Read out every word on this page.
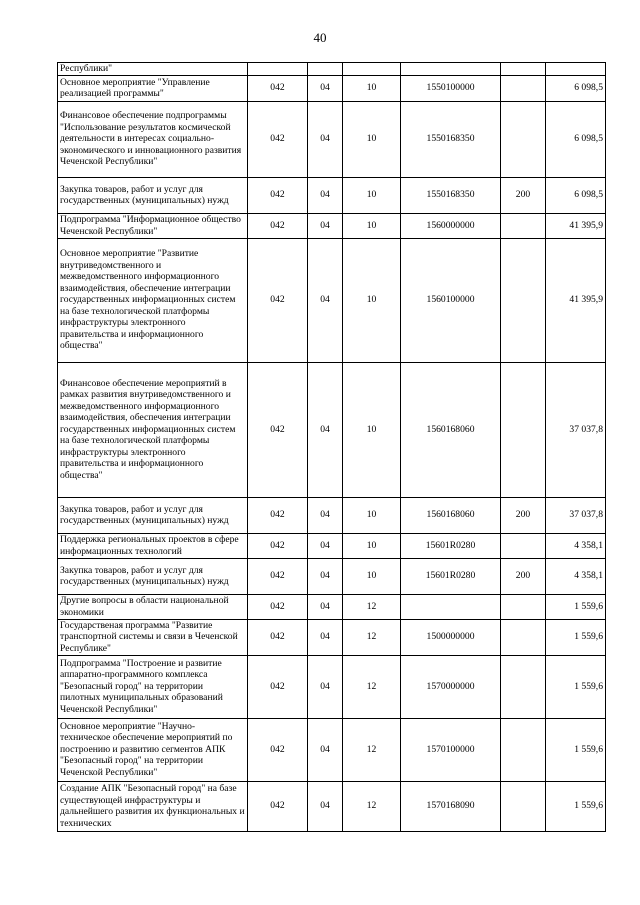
40
Республики"						
Основное мероприятие "Управление реализацией программы"	042	04	10	1550100000		6 098,5
Финансовое обеспечение подпрограммы "Использование результатов космической деятельности в интересах социально-экономического и инновационного развития Чеченской Республики"	042	04	10	1550168350		6 098,5
Закупка товаров, работ и услуг для государственных (муниципальных) нужд	042	04	10	1550168350	200	6 098,5
Подпрограмма "Информационное общество Чеченской Республики"	042	04	10	1560000000		41 395,9
Основное мероприятие "Развитие внутриведомственного и межведомственного информационного взаимодействия, обеспечение интеграции государственных информационных систем на базе технологической платформы инфраструктуры электронного правительства и информационного общества"	042	04	10	1560100000		41 395,9
Финансовое обеспечение мероприятий в рамках развития внутриведомственного и межведомственного информационного взаимодействия, обеспечения интеграции государственных информационных систем на базе технологической платформы инфраструктуры электронного правительства и информационного общества"	042	04	10	1560168060		37 037,8
Закупка товаров, работ и услуг для государственных (муниципальных) нужд	042	04	10	1560168060	200	37 037,8
Поддержка региональных проектов в сфере информационных технологий	042	04	10	15601R0280		4 358,1
Закупка товаров, работ и услуг для государственных (муниципальных) нужд	042	04	10	15601R0280	200	4 358,1
Другие вопросы в области национальной экономики	042	04	12			1 559,6
Государственая программа "Развитие транспортной системы и связи в Чеченской Республике"	042	04	12	1500000000		1 559,6
Подпрограмма "Построение и развитие аппаратно-программного комплекса "Безопасный город" на территории пилотных муниципальных образований Чеченской Республики"	042	04	12	1570000000		1 559,6
Основное мероприятие "Научно-техническое обеспечение мероприятий по построению и развитию сегментов АПК "Безопасный город" на территории Чеченской Республики"	042	04	12	1570100000		1 559,6
Создание АПК "Безопасный город" на базе существующей инфраструктуры и дальнейшего развития их функциональных и технических	042	04	12	1570168090		1 559,6
